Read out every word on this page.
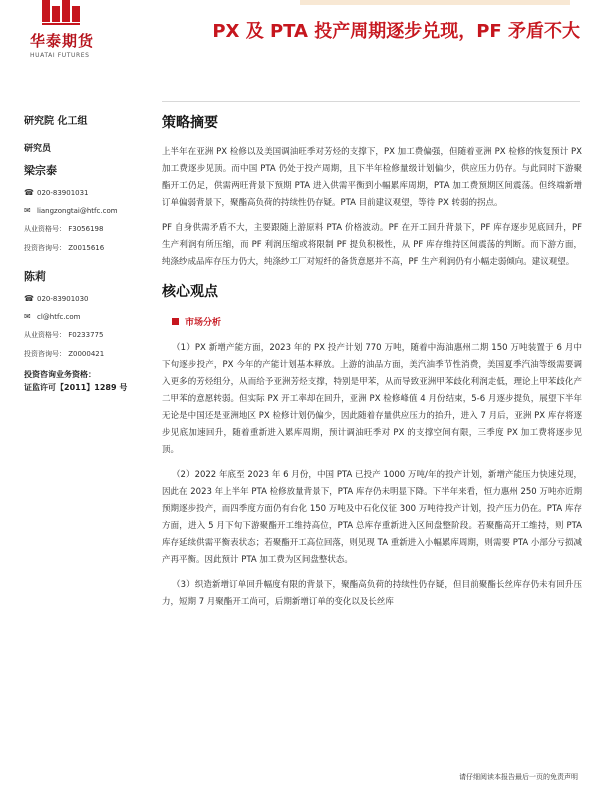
华泰期货
HUATAI FUTURES
PX 及 PTA 投产周期逐步兑现，PF 矛盾不大
研究院 化工组
研究员
梁宗泰
☎ 020-83901031
✉ liangzongtai@htfc.com
从业资格号： F3056198
投资咨询号： Z0015616
陈莉
☎ 020-83901030
✉ cl@htfc.com
从业资格号： F0233775
投资咨询号： Z0000421
投资咨询业务资格：
证监许可【2011】1289 号
策略摘要

上半年在亚洲 PX 检修以及美国调油旺季对芳烃的支撑下，PX 加工费偏强，但随着亚洲 PX 检修的恢复预计 PX 加工费逐步见顶。而中国 PTA 仍处于投产周期，且下半年检修量级计划偏少，供应压力仍存。与此同时下游聚酯开工仍足，供需两旺背景下预期 PTA 进入供需平衡到小幅累库周期，PTA 加工费预期区间震荡。但终端新增订单偏弱背景下，聚酯高负荷的持续性仍存疑。PTA 目前建议观望，等待 PX 转弱的拐点。

PF 自身供需矛盾不大，主要跟随上游原料 PTA 价格波动。PF 在开工回升背景下，PF 库存逐步见底回升，PF 生产利润有所压缩，而 PF 利润压缩或将限制 PF 提负积极性，从 PF 库存维持区间震荡的判断。而下游方面，纯涤纱成品库存压力仍大，纯涤纱工厂对短纤的备货意愿并不高，PF 生产利润仍有小幅走弱倾向。建议观望。

核心观点
市场分析

（1）PX 新增产能方面，2023 年的 PX 投产计划 770 万吨，随着中海油惠州二期 150 万吨装置于 6 月中下旬逐步投产，PX 今年的产能计划基本释放。上游的油品方面，美汽油季节性消费，美国夏季汽油等级需要调入更多的芳烃组分，从而给予亚洲芳烃支撑，特别是甲苯，从而导致亚洲甲苯歧化利润走低，理论上甲苯歧化产二甲苯的意愿转弱。但实际 PX 开工率却在回升，亚洲 PX 检修峰值 4 月份结束，5-6 月逐步提负，展望下半年无论是中国还是亚洲地区 PX 检修计划仍偏少，因此随着存量供应压力的抬升，进入 7 月后，亚洲 PX 库存将逐步见底加速回升，随着重新进入累库周期，预计调油旺季对 PX 的支撑空间有限，三季度 PX 加工费将逐步见顶。

（2）2022 年底至 2023 年 6 月份，中国 PTA 已投产 1000 万吨/年的投产计划，新增产能压力快速兑现，因此在 2023 年上半年 PTA 检修放量背景下，PTA 库存仍未明显下降。下半年来看，恒力惠州 250 万吨亦近期预期逐步投产，而四季度方面仍有台化 150 万吨及中石化仪征 300 万吨待投产计划，投产压力仍在。PTA 库存方面，进入 5 月下旬下游聚酯开工维持高位，PTA 总库存重新进入区间盘整阶段。若聚酯高开工维持，则 PTA 库存延续供需平衡表状态；若聚酯开工高位回落，则见现 TA 重新进入小幅累库周期，则需要 PTA 小部分亏损减产再平衡。因此预计 PTA 加工费为区间盘整状态。

（3）织造新增订单回升幅度有限的背景下，聚酯高负荷的持续性仍存疑，但目前聚酯长丝库存仍未有回升压力，短期 7 月聚酯开工尚可，后期新增订单的变化以及长丝库

请仔细阅读本报告最后一页的免责声明
